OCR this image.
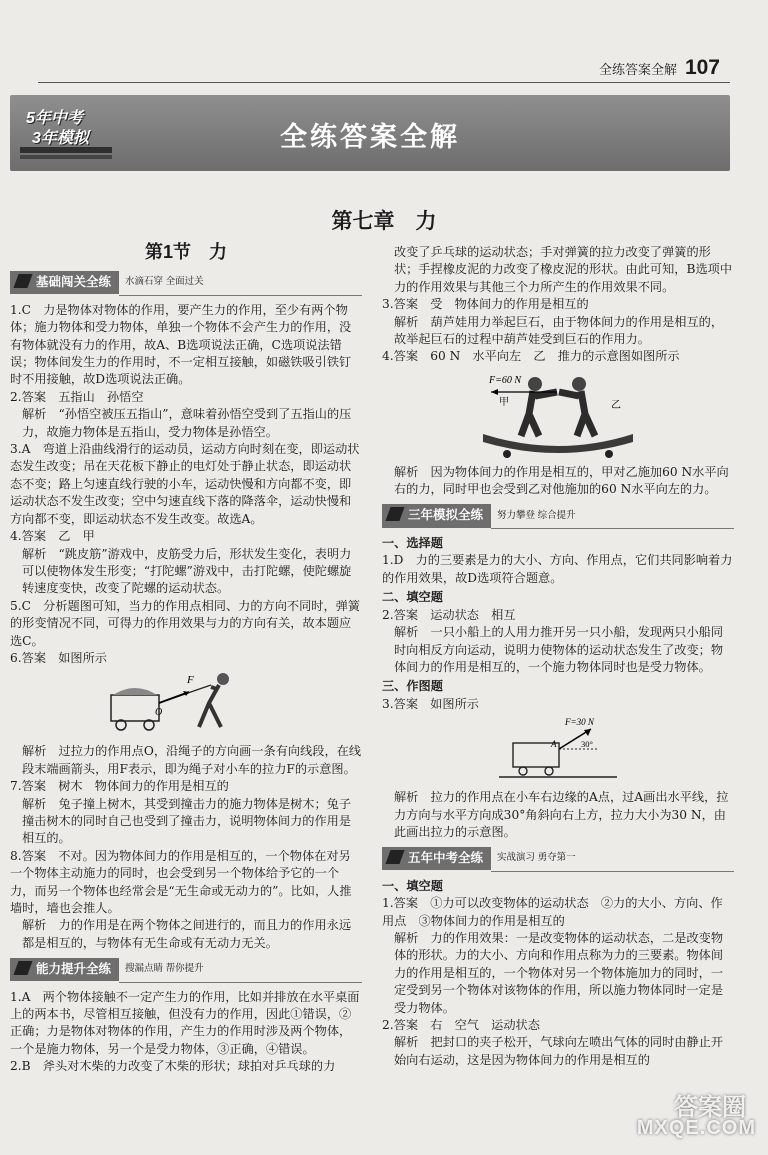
全练答案全解 107
5年中考
3年模拟	全练答案全解
第七章　力
第1节　力
基础闯关全练	水滴石穿 全面过关

1.C　力是物体对物体的作用，要产生力的作用，至少有两个物体；施力物体和受力物体，单独一个物体不会产生力的作用，没有物体就没有力的作用，故A、B选项说法正确，C选项说法错误；物体间发生力的作用时，不一定相互接触，如磁铁吸引铁钉时不用接触，故D选项说法正确。

2.答案　五指山　孙悟空

解析　“孙悟空被压五指山”，意味着孙悟空受到了五指山的压力，故施力物体是五指山，受力物体是孙悟空。

3.A　弯道上沿曲线滑行的运动员，运动方向时刻在变，即运动状态发生改变；吊在天花板下静止的电灯处于静止状态，即运动状态不变；路上匀速直线行驶的小车，运动快慢和方向都不变，即运动状态不发生改变；空中匀速直线下落的降落伞，运动快慢和方向都不变，即运动状态不发生改变。故选A。

4.答案　乙　甲

解析　“跳皮筋”游戏中，皮筋受力后，形状发生变化，表明力可以使物体发生形变；“打陀螺”游戏中，击打陀螺，使陀螺旋转速度变快，改变了陀螺的运动状态。

5.C　分析题图可知，当力的作用点相同、力的方向不同时，弹簧的形变情况不同，可得力的作用效果与力的方向有关，故本题应选C。

6.答案　如图所示

F
O

解析　过拉力的作用点O，沿绳子的方向画一条有向线段，在线段末端画箭头，用F表示，即为绳子对小车的拉力F的示意图。

7.答案　树木　物体间力的作用是相互的

解析　兔子撞上树木，其受到撞击力的施力物体是树木；兔子撞击树木的同时自己也受到了撞击力，说明物体间力的作用是相互的。

8.答案　不对。因为物体间力的作用是相互的，一个物体在对另一个物体主动施力的同时，也会受到另一个物体给予它的一个力，而另一个物体也经常会是“无生命或无动力的”。比如，人推墙时，墙也会推人。

解析　力的作用是在两个物体之间进行的，而且力的作用永远都是相互的，与物体有无生命或有无动力无关。

能力提升全练	搜漏点睛 帮你提升

1.A　两个物体接触不一定产生力的作用，比如并排放在水平桌面上的两本书，尽管相互接触，但没有力的作用，因此①错误，②正确；力是物体对物体的作用，产生力的作用时涉及两个物体，一个是施力物体，另一个是受力物体，③正确，④错误。

2.B　斧头对木柴的力改变了木柴的形状；球拍对乒乓球的力

改变了乒乓球的运动状态；手对弹簧的拉力改变了弹簧的形状；手捏橡皮泥的力改变了橡皮泥的形状。由此可知，B选项中力的作用效果与其他三个力所产生的作用效果不同。

3.答案　受　物体间力的作用是相互的

解析　葫芦娃用力举起巨石，由于物体间力的作用是相互的，故举起巨石的过程中葫芦娃受到巨石的作用力。

4.答案　60 N　水平向左　乙　推力的示意图如图所示

F=60 N
甲	乙

解析　因为物体间力的作用是相互的，甲对乙施加60 N水平向右的力，同时甲也会受到乙对他施加的60 N水平向左的力。

三年模拟全练	努力攀登 综合提升

一、选择题

1.D　力的三要素是力的大小、方向、作用点，它们共同影响着力的作用效果，故D选项符合题意。

二、填空题

2.答案　运动状态　相互

解析　一只小船上的人用力推开另一只小船，发现两只小船同时向相反方向运动，说明力使物体的运动状态发生了改变；物体间力的作用是相互的，一个施力物体同时也是受力物体。

三、作图题

3.答案　如图所示

F=30 N
A	30°

解析　拉力的作用点在小车右边缘的A点，过A画出水平线，拉力方向与水平方向成30°角斜向右上方，拉力大小为30 N，由此画出拉力的示意图。

五年中考全练	实战演习 勇夺第一

一、填空题

1.答案　①力可以改变物体的运动状态　②力的大小、方向、作用点　③物体间力的作用是相互的

解析　力的作用效果：一是改变物体的运动状态，二是改变物体的形状。力的大小、方向和作用点称为力的三要素。物体间力的作用是相互的，一个物体对另一个物体施加力的同时，一定受到另一个物体对该物体的作用，所以施力物体同时一定是受力物体。

2.答案　右　空气　运动状态

解析　把封口的夹子松开，气球向左喷出气体的同时由静止开始向右运动，这是因为物体间力的作用是相互的

答案圈
MXQE.COM
